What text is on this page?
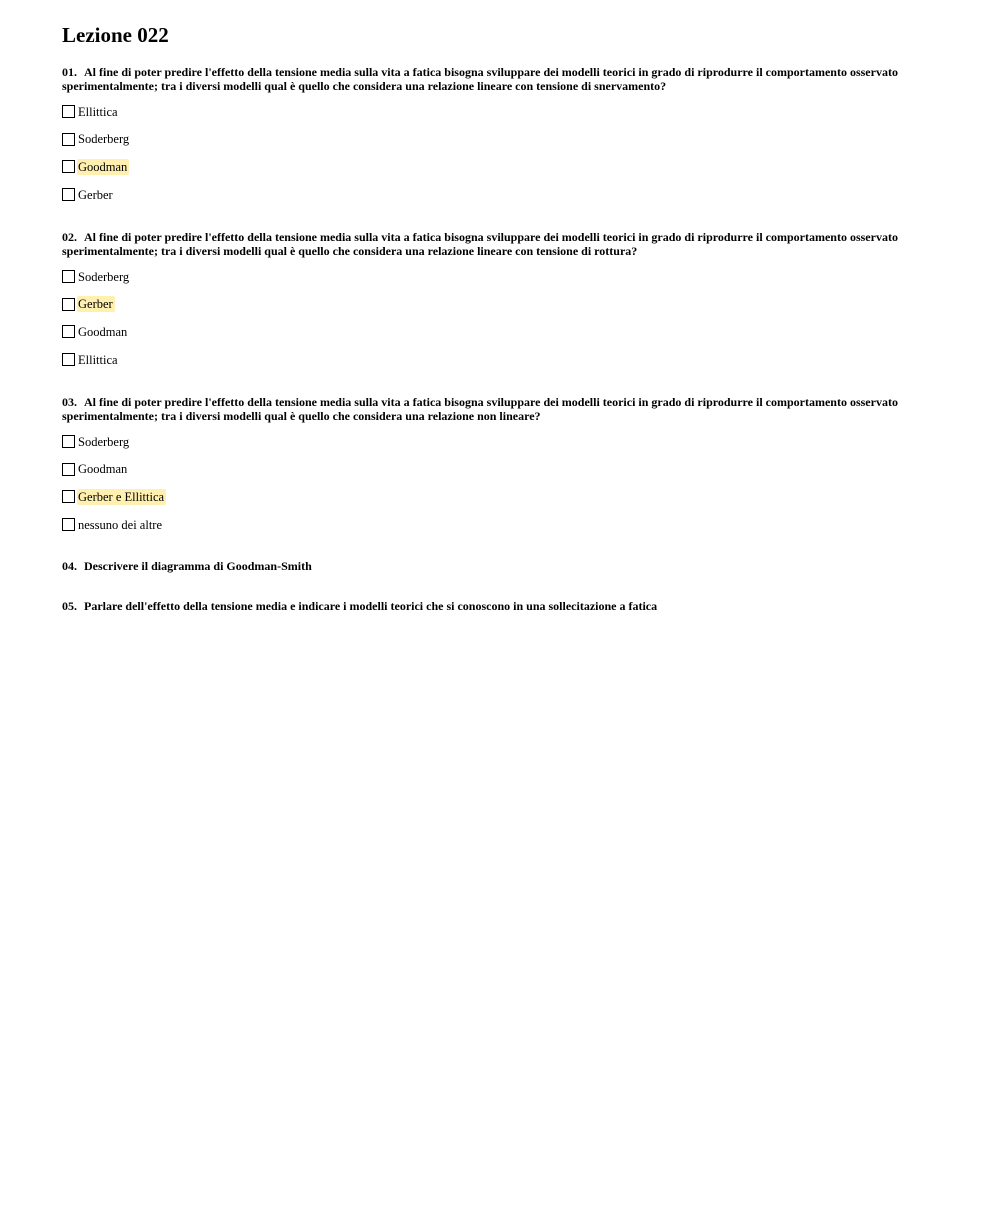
Lezione 022

01. Al fine di poter predire l'effetto della tensione media sulla vita a fatica bisogna sviluppare dei modelli teorici in grado di riprodurre il comportamento osservato sperimentalmente; tra i diversi modelli qual è quello che considera una relazione lineare con tensione di snervamento?

Ellittica
Soderberg
Goodman
Gerber

02. Al fine di poter predire l'effetto della tensione media sulla vita a fatica bisogna sviluppare dei modelli teorici in grado di riprodurre il comportamento osservato sperimentalmente; tra i diversi modelli qual è quello che considera una relazione lineare con tensione di rottura?

Soderberg
Gerber
Goodman
Ellittica

03. Al fine di poter predire l'effetto della tensione media sulla vita a fatica bisogna sviluppare dei modelli teorici in grado di riprodurre il comportamento osservato sperimentalmente; tra i diversi modelli qual è quello che considera una relazione non lineare?

Soderberg
Goodman
Gerber e Ellittica
nessuno dei altre

04. Descrivere il diagramma di Goodman-Smith

05. Parlare dell'effetto della tensione media e indicare i modelli teorici che si conoscono in una sollecitazione a fatica
